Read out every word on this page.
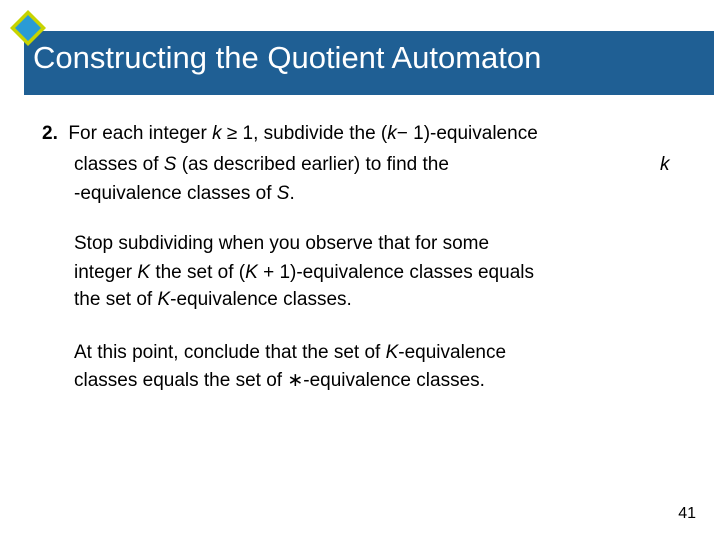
Constructing the Quotient Automaton
2. For each integer k ≥ 1, subdivide the (k− 1)-equivalence
classes of S (as described earlier) to find the	k
-equivalence classes of S.
Stop subdividing when you observe that for some
integer K the set of (K + 1)-equivalence classes equals
the set of K-equivalence classes.
At this point, conclude that the set of K-equivalence
classes equals the set of ∗-equivalence classes.
41
